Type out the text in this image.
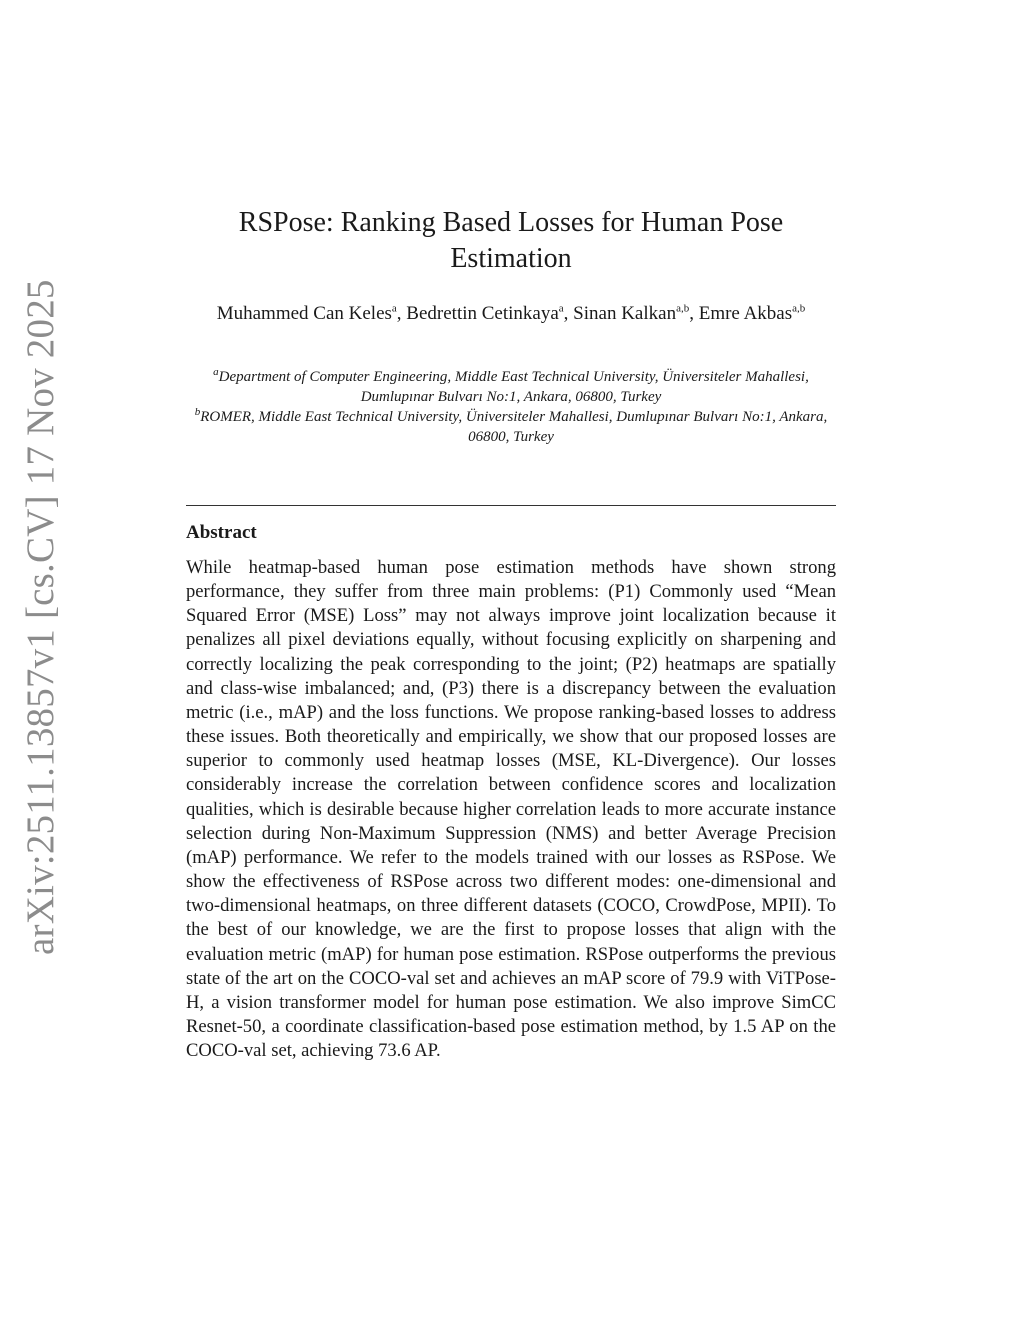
arXiv:2511.13857v1 [cs.CV] 17 Nov 2025
RSPose: Ranking Based Losses for Human Pose Estimation
Muhammed Can Keles$^a$, Bedrettin Cetinkaya$^a$, Sinan Kalkan$^{a,b}$, Emre Akbas$^{a,b}$
$^a$Department of Computer Engineering, Middle East Technical University, Üniversiteler Mahallesi, Dumlupınar Bulvarı No:1, Ankara, 06800, Turkey
$^b$ROMER, Middle East Technical University, Üniversiteler Mahallesi, Dumlupınar Bulvarı No:1, Ankara, 06800, Turkey
Abstract

While heatmap-based human pose estimation methods have shown strong performance, they suffer from three main problems: (P1) Commonly used “Mean Squared Error (MSE) Loss” may not always improve joint localization because it penalizes all pixel deviations equally, without focusing explicitly on sharpening and correctly localizing the peak corresponding to the joint; (P2) heatmaps are spatially and class-wise imbalanced; and, (P3) there is a discrepancy between the evaluation metric (i.e., mAP) and the loss functions. We propose ranking-based losses to address these issues. Both theoretically and empirically, we show that our proposed losses are superior to commonly used heatmap losses (MSE, KL-Divergence). Our losses considerably increase the correlation between confidence scores and localization qualities, which is desirable because higher correlation leads to more accurate instance selection during Non-Maximum Suppression (NMS) and better Average Precision (mAP) performance. We refer to the models trained with our losses as RSPose. We show the effectiveness of RSPose across two different modes: one-dimensional and two-dimensional heatmaps, on three different datasets (COCO, CrowdPose, MPII). To the best of our knowledge, we are the first to propose losses that align with the evaluation metric (mAP) for human pose estimation. RSPose outperforms the previous state of the art on the COCO-val set and achieves an mAP score of 79.9 with ViTPose-H, a vision transformer model for human pose estimation. We also improve SimCC Resnet-50, a coordinate classification-based pose estimation method, by 1.5 AP on the COCO-val set, achieving 73.6 AP.
